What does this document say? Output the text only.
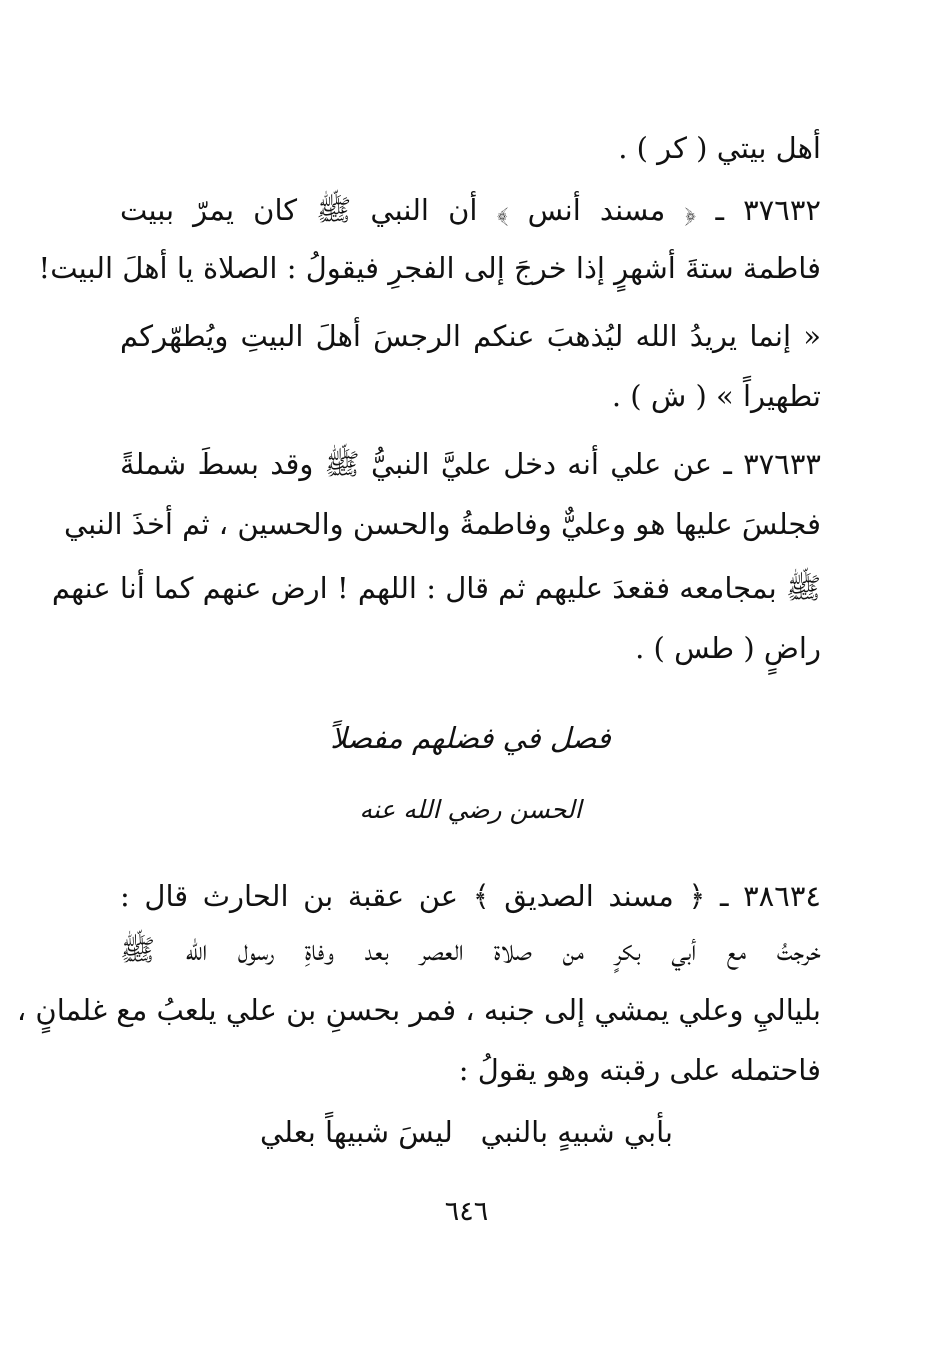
أهل بيتي ( كر ) .
٣٧٦٣٢ ـ ﴿ مسند أنس ﴾ أن النبي ﷺ كان يمرّ ببيت
فاطمة ستةَ أشهرٍ إذا خرجَ إلى الفجرِ فيقولُ : الصلاة يا أهلَ البيت!
« إنما يريدُ الله ليُذهبَ عنكم الرجسَ أهلَ البيتِ ويُطهّركم
تطهيراً » ( ش ) .
٣٧٦٣٣ ـ عن علي أنه دخل عليَّ النبيُّ ﷺ وقد بسطَ شملةً
فجلسَ عليها هو وعليٌّ وفاطمةُ والحسن والحسين ، ثم أخذَ النبي
ﷺ بمجامعه فقعدَ عليهم ثم قال : اللهم ! ارض عنهم كما أنا عنهم
راضٍ ( طس ) .
فصل في فضلهم مفصلاً
الحسن رضي الله عنه
٣٨٦٣٤ ـ ﴿ مسند الصديق ﴾ عن عقبة بن الحارث قال :
خرجتُ مع أبي بكرٍ من صلاة العصر بعد وفاةِ رسول الله ﷺ
بلياليِ وعلي يمشي إلى جنبه ، فمر بحسنِ بن علي يلعبُ مع غلمانٍ ،
فاحتمله على رقبته وهو يقولُ :
بأبي شبيهٍ بالنبي
ليسَ شبيهاً بعلي
٦٤٦
